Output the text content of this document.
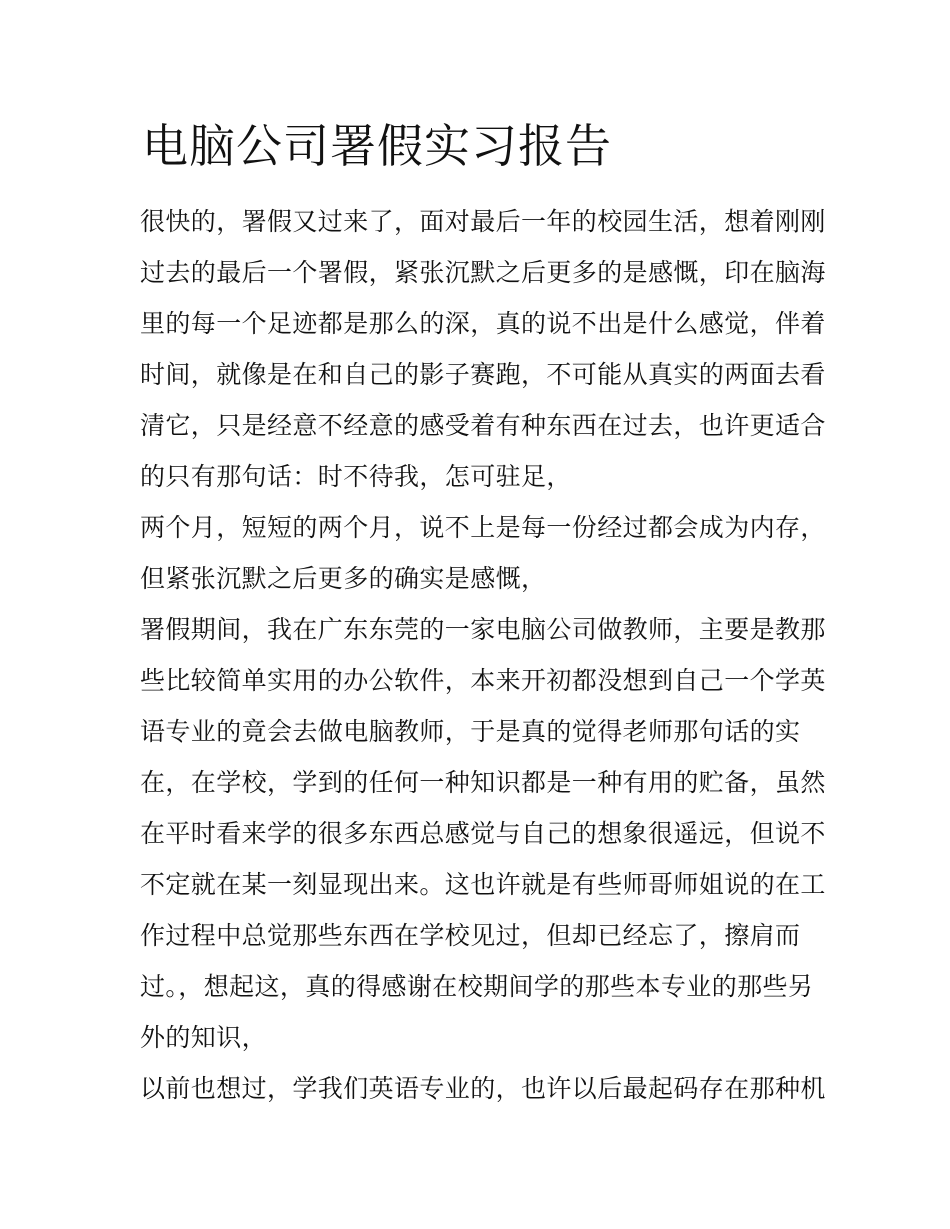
电脑公司署假实习报告

很快的，署假又过来了，面对最后一年的校园生活，想着刚刚

过去的最后一个署假，紧张沉默之后更多的是感慨，印在脑海

里的每一个足迹都是那么的深，真的说不出是什么感觉，伴着

时间，就像是在和自己的影子赛跑，不可能从真实的两面去看

清它，只是经意不经意的感受着有种东西在过去，也许更适合

的只有那句话：时不待我，怎可驻足，

两个月，短短的两个月，说不上是每一份经过都会成为内存，

但紧张沉默之后更多的确实是感慨，

署假期间，我在广东东莞的一家电脑公司做教师，主要是教那

些比较简单实用的办公软件，本来开初都没想到自己一个学英

语专业的竟会去做电脑教师，于是真的觉得老师那句话的实

在，在学校，学到的任何一种知识都是一种有用的贮备，虽然

在平时看来学的很多东西总感觉与自己的想象很遥远，但说不

不定就在某一刻显现出来。这也许就是有些师哥师姐说的在工

作过程中总觉那些东西在学校见过，但却已经忘了，擦肩而

过。，想起这，真的得感谢在校期间学的那些本专业的那些另

外的知识，

以前也想过，学我们英语专业的，也许以后最起码存在那种机
